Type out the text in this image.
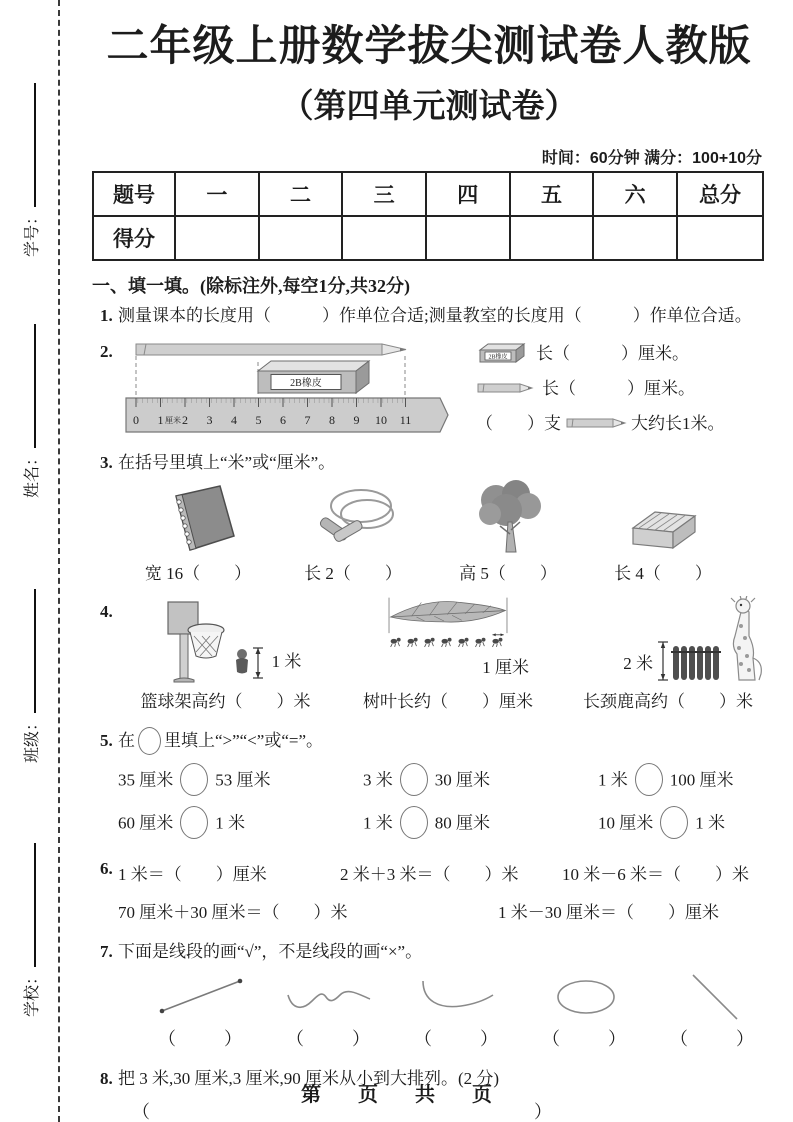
学号：
姓名：
班级：
学校：
二年级上册数学拔尖测试卷人教版
（第四单元测试卷）
时间：60分钟 满分：100+10分
题号	一	二	三	四	五	六	总分
得分							
一、填一填。(除标注外,每空1分,共32分)
1. 测量课本的长度用（　　　）作单位合适;测量教室的长度用（　　　）作单位合适。
2.
2B橡皮
0 1 厘米 2 3 4 5 6 7 8 9 10 11
2B橡皮 长（　　　）厘米。
长（　　　）厘米。
（　　）支	大约长1米。
3. 在括号里填上“米”或“厘米”。
宽 16（　　）	长 2（　　）	高 5（　　）	长 4（　　）
4.
1 米	1 厘米	2 米
篮球架高约（　　）米	树叶长约（　　）厘米	长颈鹿高约（　　）米
5. 在 里填上“>”“<”或“=”。
35 厘米 53 厘米	3 米 30 厘米	1 米 100 厘米
60 厘米 1 米	1 米 80 厘米	10 厘米 1 米
6. 1 米＝（　　）厘米	2 米＋3 米＝（　　）米	10 米－6 米＝（　　）米
70 厘米＋30 厘米＝（　　）米	1 米－30 厘米＝（　　）厘米
7. 下面是线段的画“√”，不是线段的画“×”。
（　　）	（　　）	（　　）	（　　）	（　　）
8. 把 3 米,30 厘米,3 厘米,90 厘米从小到大排列。(2 分)
（	）
第 页 共 页
